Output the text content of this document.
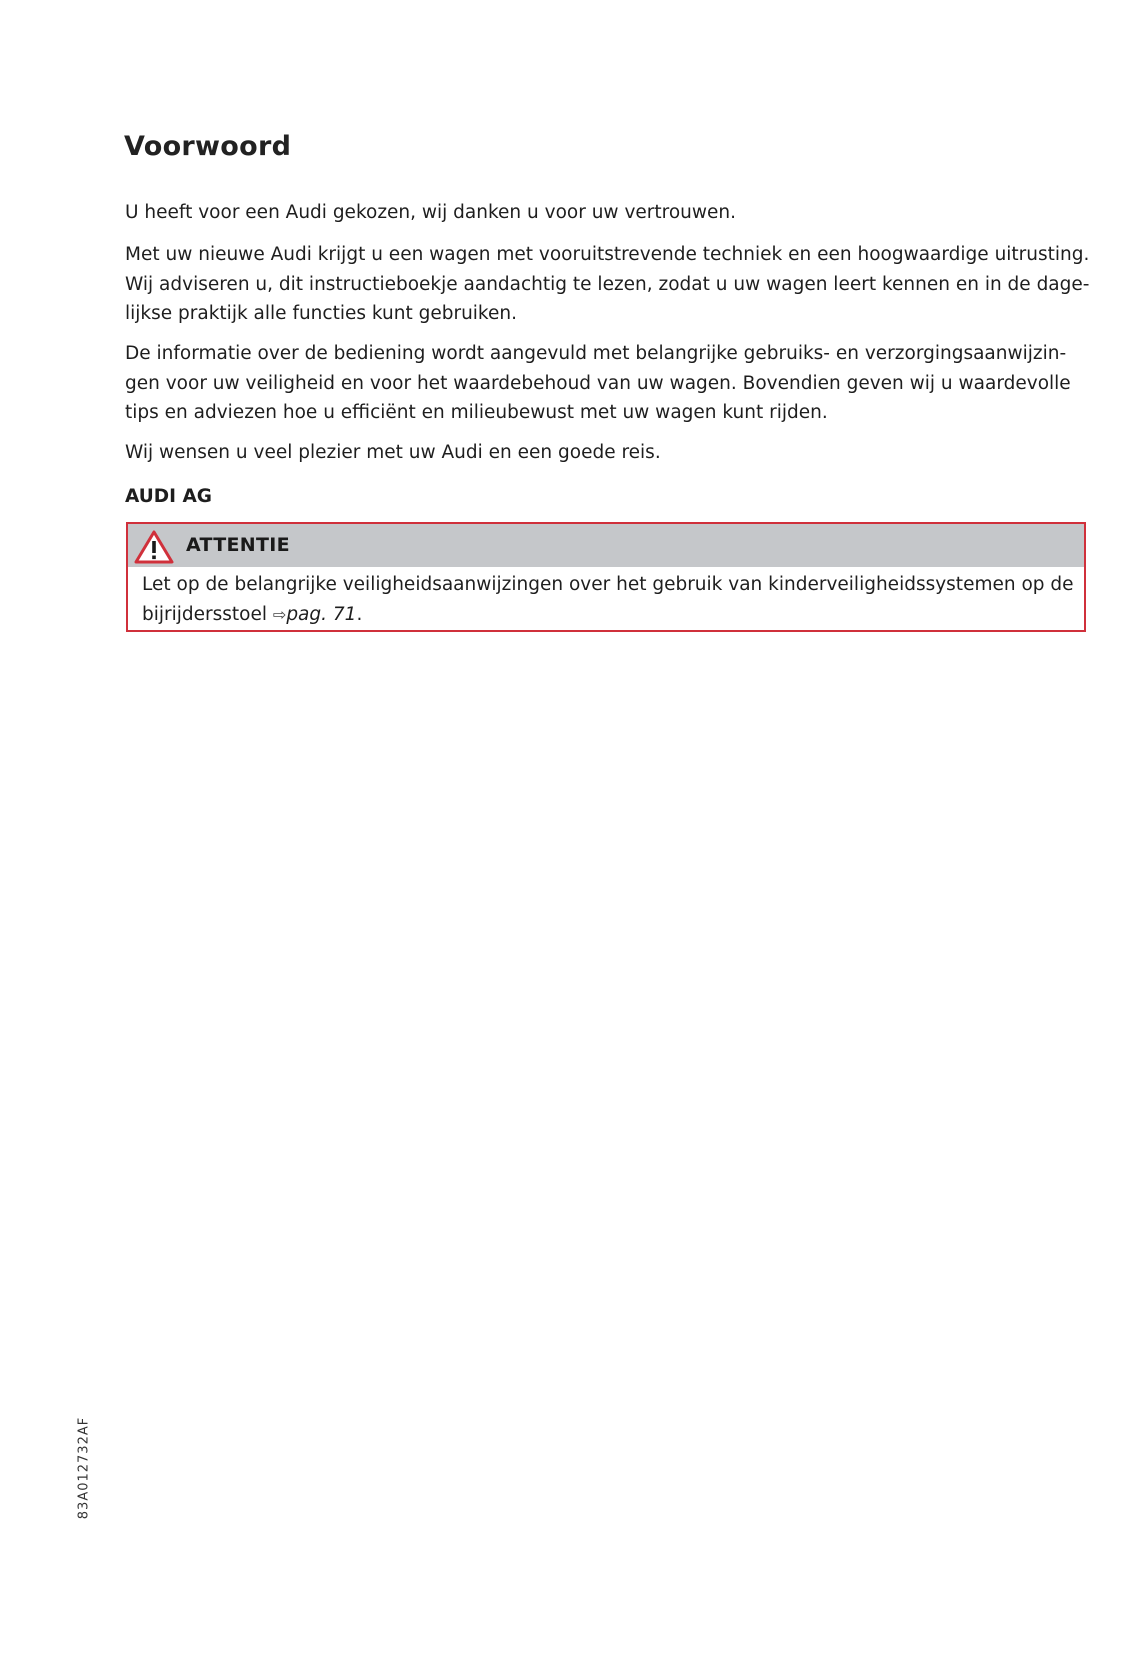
Voorwoord

U heeft voor een Audi gekozen, wij danken u voor uw vertrouwen.

Met uw nieuwe Audi krijgt u een wagen met vooruitstrevende techniek en een hoogwaardige uitrusting.
Wij adviseren u, dit instructieboekje aandachtig te lezen, zodat u uw wagen leert kennen en in de dage-
lijkse praktijk alle functies kunt gebruiken.

De informatie over de bediening wordt aangevuld met belangrijke gebruiks- en verzorgingsaanwijzin-
gen voor uw veiligheid en voor het waardebehoud van uw wagen. Bovendien geven wij u waardevolle
tips en adviezen hoe u efficiënt en milieubewust met uw wagen kunt rijden.

Wij wensen u veel plezier met uw Audi en een goede reis.

AUDI AG

ATTENTIE

Let op de belangrijke veiligheidsaanwijzingen over het gebruik van kinderveiligheidssystemen op de
bijrijdersstoel ⇨pag. 71.

83A012732AF
